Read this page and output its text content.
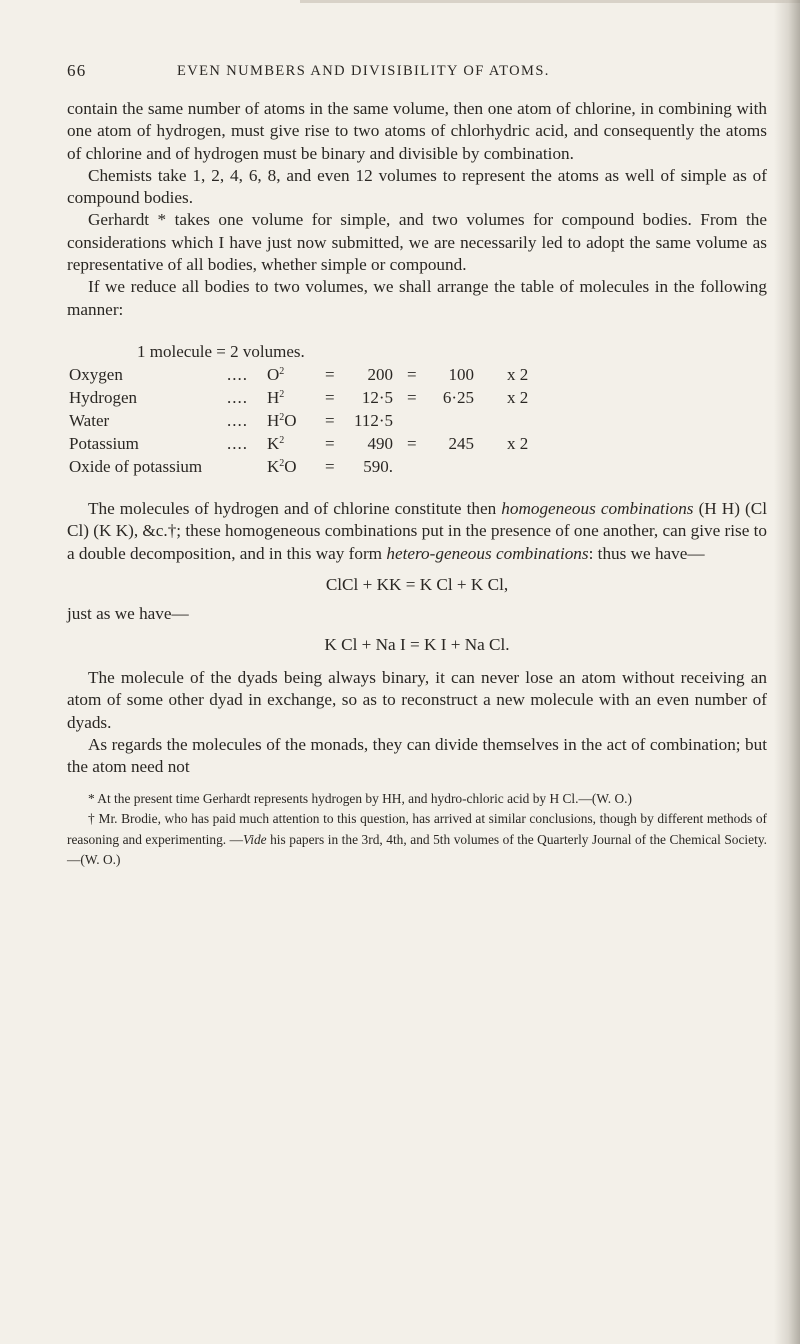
66	EVEN NUMBERS AND DIVISIBILITY OF ATOMS.

contain the same number of atoms in the same volume, then one atom of chlorine, in combining with one atom of hydrogen, must give rise to two atoms of chlorhydric acid, and consequently the atoms of chlorine and of hydrogen must be binary and divisible by combination.

Chemists take 1, 2, 4, 6, 8, and even 12 volumes to represent the atoms as well of simple as of compound bodies.

Gerhardt * takes one volume for simple, and two volumes for compound bodies. From the considerations which I have just now submitted, we are necessarily led to adopt the same volume as representative of all bodies, whether simple or compound.

If we reduce all bodies to two volumes, we shall arrange the table of molecules in the following manner:

1 molecule = 2 volumes.
Oxygen	.... $O^2$ =	200 =	100 x 2
Hydrogen	.... $H^2$ =	12·5 =	6·25 x 2
Water	.... $H^2O$ =	112·5
Potassium	.... $K^2$ =	490 =	245 x 2
Oxide of potassium	$K^2O$ =	590.

The molecules of hydrogen and of chlorine constitute then homogeneous combinations (H H) (Cl Cl) (K K), &c.†; these homogeneous combinations put in the presence of one another, can give rise to a double decomposition, and in this way form hetero-geneous combinations: thus we have—

ClCl + KK = K Cl + K Cl,

just as we have—

K Cl + Na I = K I + Na Cl.

The molecule of the dyads being always binary, it can never lose an atom without receiving an atom of some other dyad in exchange, so as to reconstruct a new molecule with an even number of dyads.

As regards the molecules of the monads, they can divide themselves in the act of combination; but the atom need not

* At the present time Gerhardt represents hydrogen by HH, and hydro-chloric acid by H Cl.—(W. O.)

† Mr. Brodie, who has paid much attention to this question, has arrived at similar conclusions, though by different methods of reasoning and experimenting. —Vide his papers in the 3rd, 4th, and 5th volumes of the Quarterly Journal of the Chemical Society.—(W. O.)
